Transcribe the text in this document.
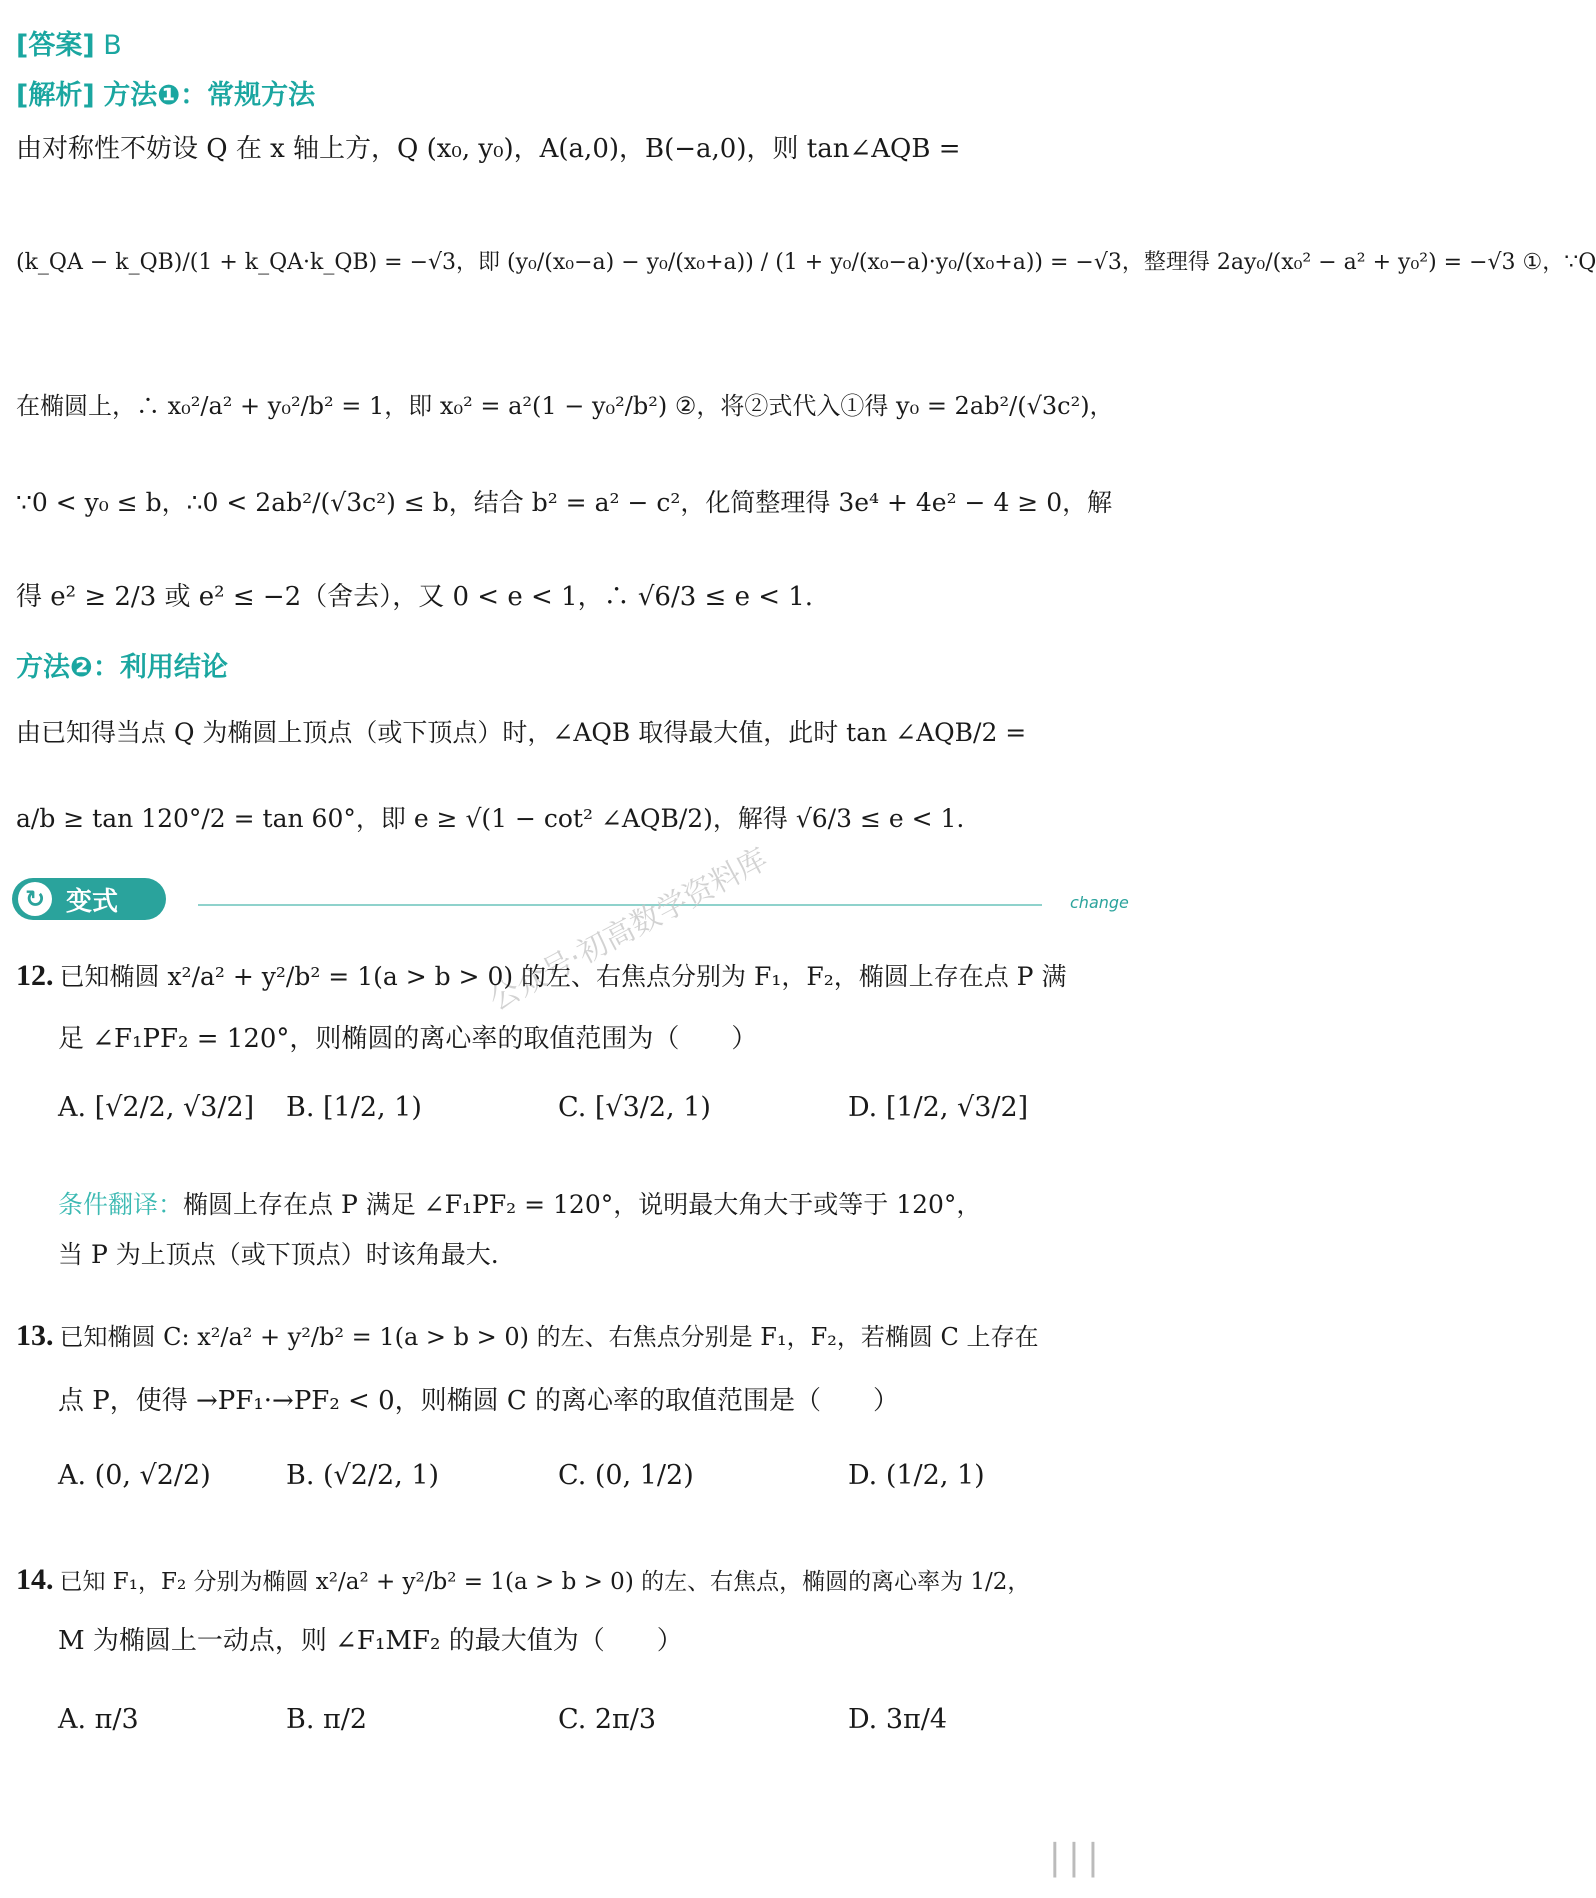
[答案] B
[解析] 方法❶：常规方法
由对称性不妨设 Q 在 x 轴上方，Q (x₀, y₀)，A(a,0)，B(−a,0)，则 tan∠AQB =
(k_QA − k_QB)/(1 + k_QA·k_QB) = −√3，即 (y₀/(x₀−a) − y₀/(x₀+a)) / (1 + y₀/(x₀−a)·y₀/(x₀+a)) = −√3，整理得 2ay₀/(x₀² − a² + y₀²) = −√3 ①，∵Q
在椭圆上，∴ x₀²/a² + y₀²/b² = 1，即 x₀² = a²(1 − y₀²/b²) ②，将②式代入①得 y₀ = 2ab²/(√3c²)，
∵0 < y₀ ≤ b，∴0 < 2ab²/(√3c²) ≤ b，结合 b² = a² − c²，化简整理得 3e⁴ + 4e² − 4 ≥ 0，解
得 e² ≥ 2/3 或 e² ≤ −2（舍去），又 0 < e < 1，∴ √6/3 ≤ e < 1.
方法❷：利用结论
由已知得当点 Q 为椭圆上顶点（或下顶点）时，∠AQB 取得最大值，此时 tan ∠AQB/2 =
a/b ≥ tan 120°/2 = tan 60°，即 e ≥ √(1 − cot² ∠AQB/2)，解得 √6/3 ≤ e < 1.
↻ 变式	change
公众号·初高数学资料库
12. 已知椭圆 x²/a² + y²/b² = 1(a > b > 0) 的左、右焦点分别为 F₁，F₂，椭圆上存在点 P 满
足 ∠F₁PF₂ = 120°，则椭圆的离心率的取值范围为（　　）
A. [√2/2, √3/2] B. [1/2, 1)	C. [√3/2, 1)	D. [1/2, √3/2]
条件翻译：椭圆上存在点 P 满足 ∠F₁PF₂ = 120°，说明最大角大于或等于 120°，
当 P 为上顶点（或下顶点）时该角最大.
13. 已知椭圆 C: x²/a² + y²/b² = 1(a > b > 0) 的左、右焦点分别是 F₁，F₂，若椭圆 C 上存在
点 P，使得 →PF₁·→PF₂ < 0，则椭圆 C 的离心率的取值范围是（　　）
A. (0, √2/2)	B. (√2/2, 1)	C. (0, 1/2)	D. (1/2, 1)
14. 已知 F₁，F₂ 分别为椭圆 x²/a² + y²/b² = 1(a > b > 0) 的左、右焦点，椭圆的离心率为 1/2，
M 为椭圆上一动点，则 ∠F₁MF₂ 的最大值为（　　）
A. π/3	B. π/2	C. 2π/3	D. 3π/4
▏▏▏
